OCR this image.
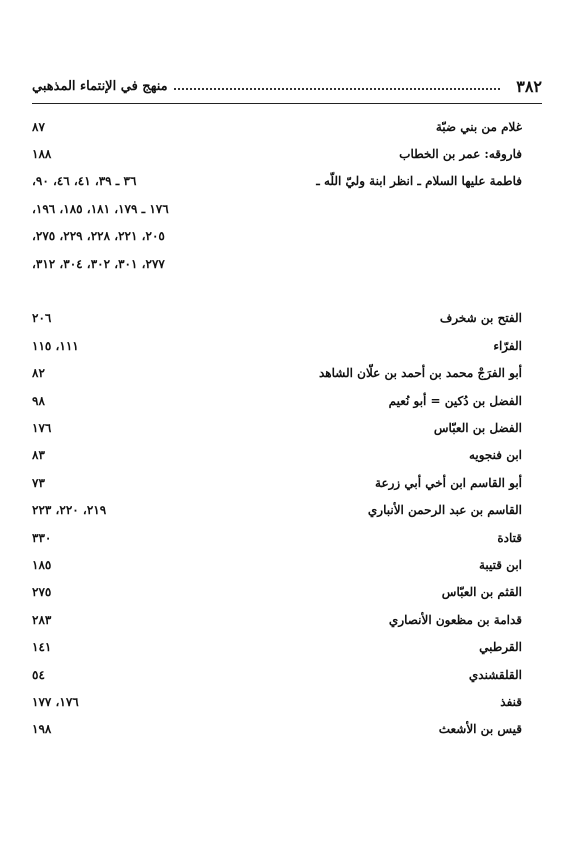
٣٨٢
منهج في الإنتماء المذهبي
غلام من بني ضبّة
٨٧
فاروقه: عمر بن الخطاب
١٨٨
فاطمة عليها السلام ـ انظر ابنة وليّ اللّه ـ
٣٦ ـ ٣٩، ٤١، ٤٦، ٩٠،
١٧٦ ـ ١٧٩، ١٨١، ١٨٥، ١٩٦،
٢٠٥، ٢٢١، ٢٢٨، ٢٢٩، ٢٧٥،
٢٧٧، ٣٠١، ٣٠٢، ٣٠٤، ٣١٢،
الفتح بن شخرف
٢٠٦
الفرّاء
١١١، ١١٥
أبو الفرَجْ محمد بن أحمد بن علّان الشاهد
٨٢
الفضل بن دُكين = أبو نُعيم
٩٨
الفضل بن العبّاس
١٧٦
ابن فنجويه
٨٣
أبو القاسم ابن أخي أبي زرعة
٧٣
القاسم بن عبد الرحمن الأنباري
٢١٩، ٢٢٠، ٢٢٣
قتادة
٣٣٠
ابن قتيبة
١٨٥
القثم بن العبّاس
٢٧٥
قدامة بن مظعون الأنصاري
٢٨٣
القرطبي
١٤١
القلقشندي
٥٤
قنفذ
١٧٦، ١٧٧
قيس بن الأشعث
١٩٨
